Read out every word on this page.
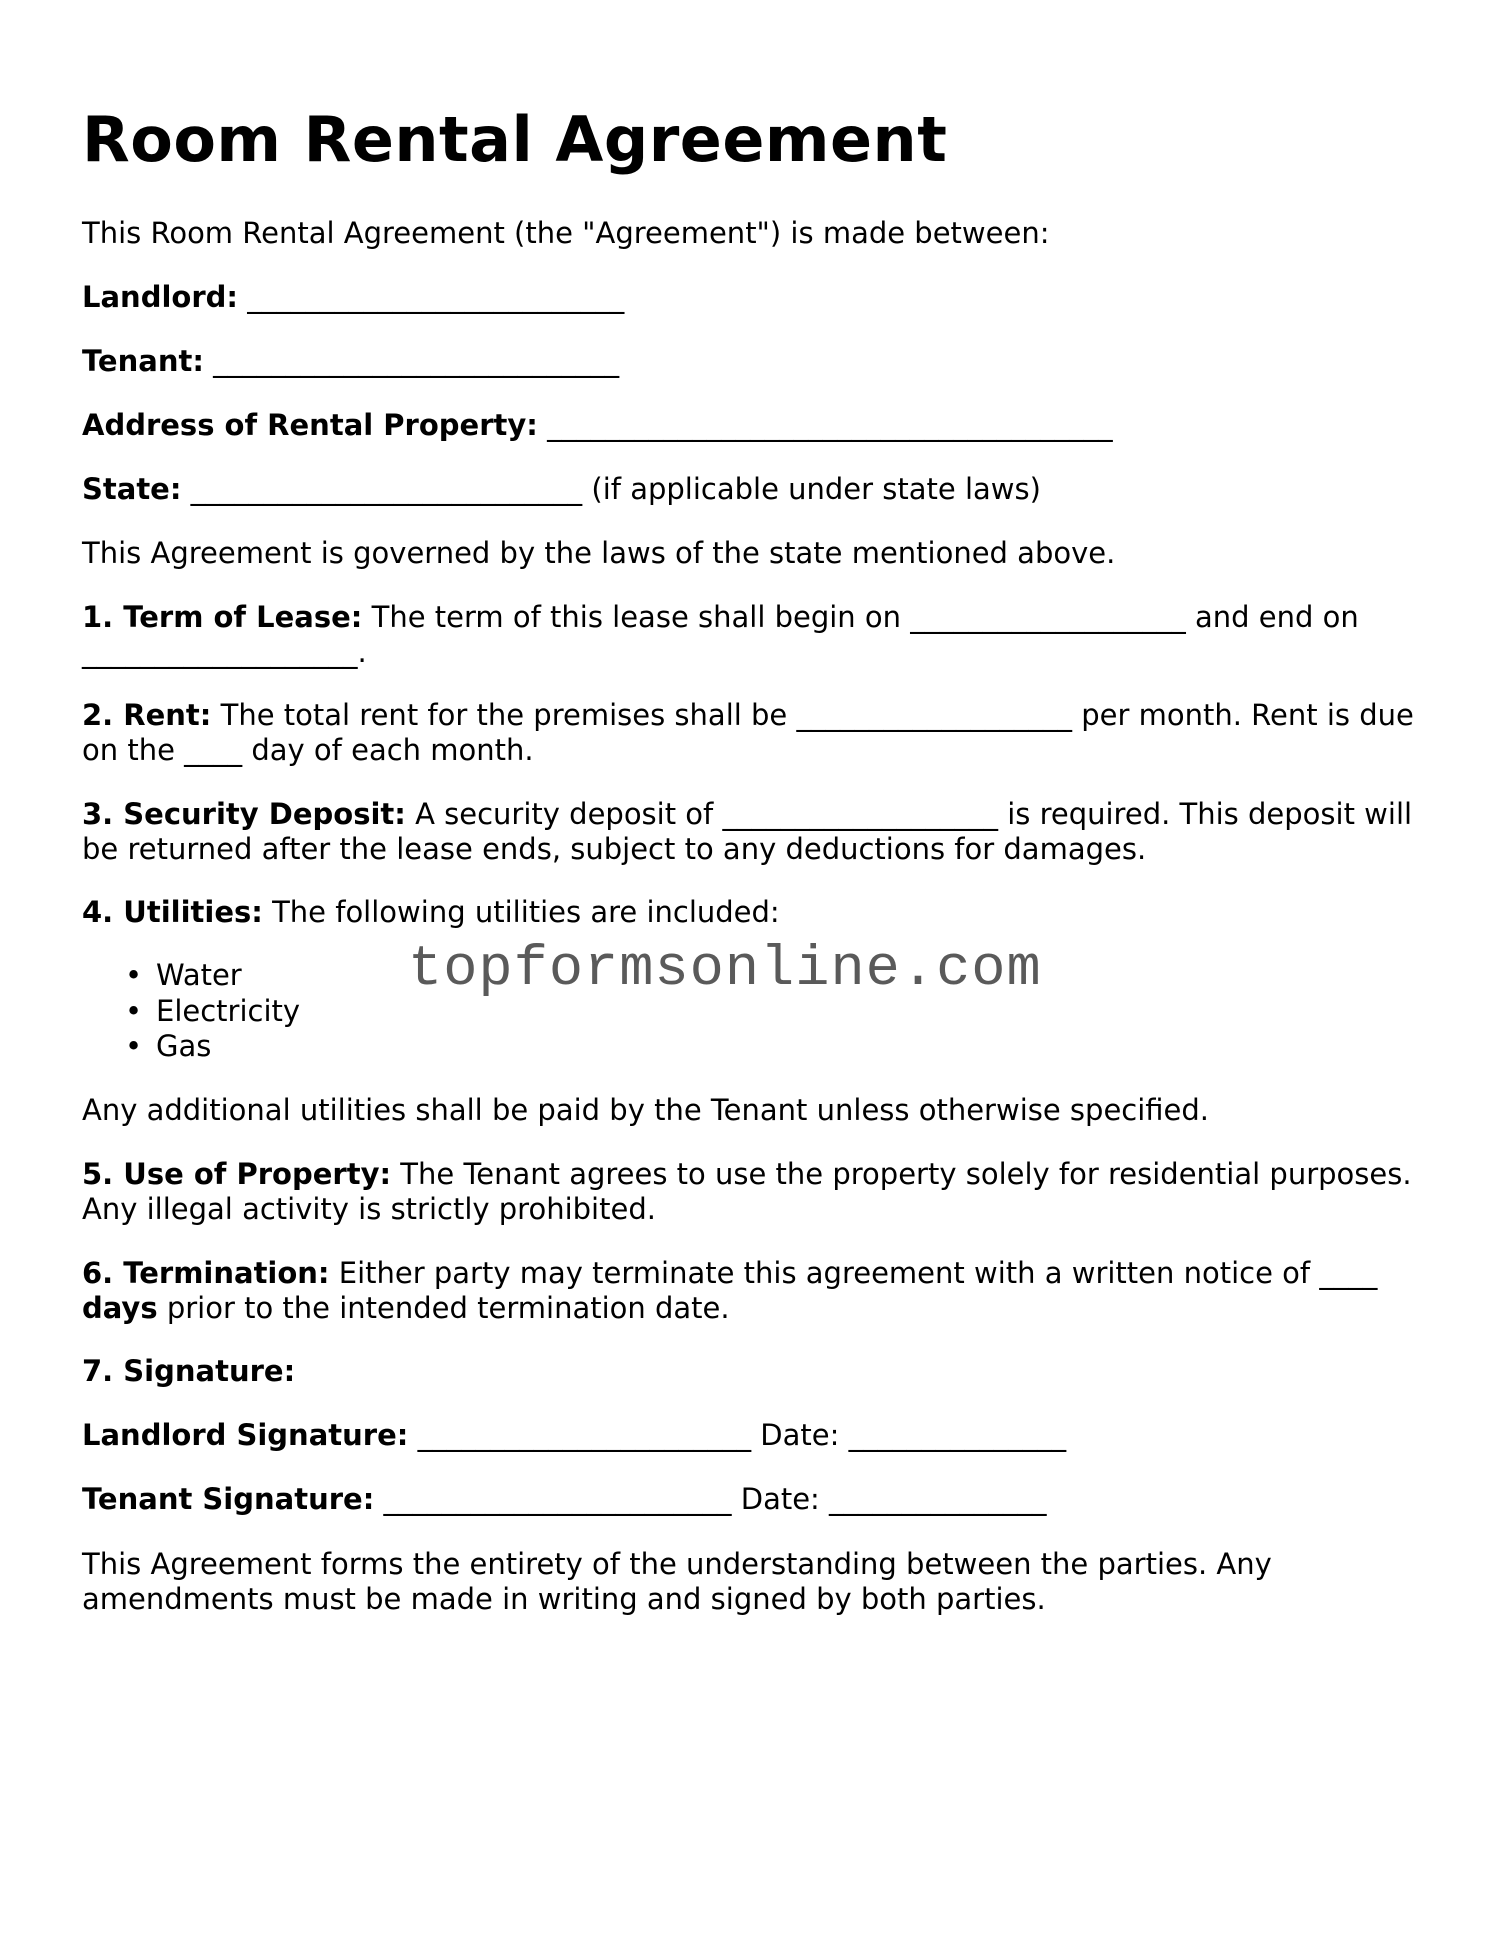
Room Rental Agreement

This Room Rental Agreement (the "Agreement") is made between:

Landlord: __________________________

Tenant: ____________________________

Address of Rental Property: _______________________________________

State: ___________________________ (if applicable under state laws)

This Agreement is governed by the laws of the state mentioned above.

1. Term of Lease: The term of this lease shall begin on ___________________ and end on ___________________.

2. Rent: The total rent for the premises shall be ___________________ per month. Rent is due on the ____ day of each month.

3. Security Deposit: A security deposit of ___________________ is required. This deposit will be returned after the lease ends, subject to any deductions for damages.

4. Utilities: The following utilities are included:

• Water
• Electricity
• Gas

Any additional utilities shall be paid by the Tenant unless otherwise specified.

5. Use of Property: The Tenant agrees to use the property solely for residential purposes. Any illegal activity is strictly prohibited.

6. Termination: Either party may terminate this agreement with a written notice of ____ days prior to the intended termination date.

7. Signature:

Landlord Signature: _______________________ Date: _______________

Tenant Signature: ________________________ Date: _______________

This Agreement forms the entirety of the understanding between the parties. Any amendments must be made in writing and signed by both parties.

topformsonline.com
